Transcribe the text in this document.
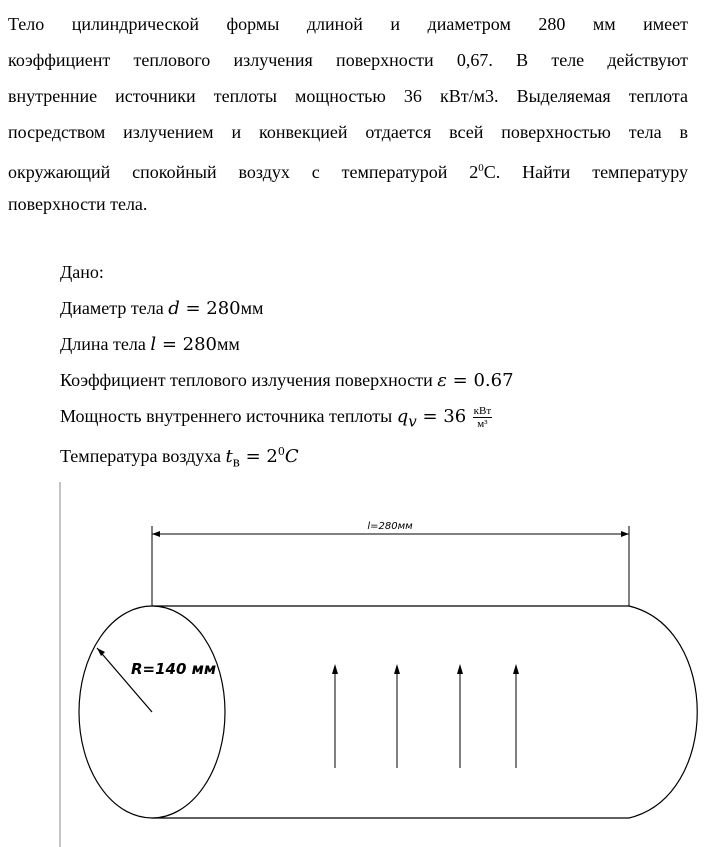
Тело цилиндрической формы длиной и диаметром 280 мм имеет
коэффициент теплового излучения поверхности 0,67. В теле действуют
внутренние источники теплоты мощностью 36 кВт/м3. Выделяемая теплота
посредством излучением и конвекцией отдается всей поверхностью тела в
окружающий спокойный воздух с температурой $2^0С$. Найти температуру
поверхности тела.
Дано:
Диаметр тела d = 280мм
Длина тела l = 280мм
Коэффициент теплового излучения поверхности ε = 0.67
Мощность внутреннего источника теплоты $q_v = 36 \frac{\text{кВт}}{\text{м³}}$
Температура воздуха $t_в = 2^0C$
l=280мм
R=140 мм
